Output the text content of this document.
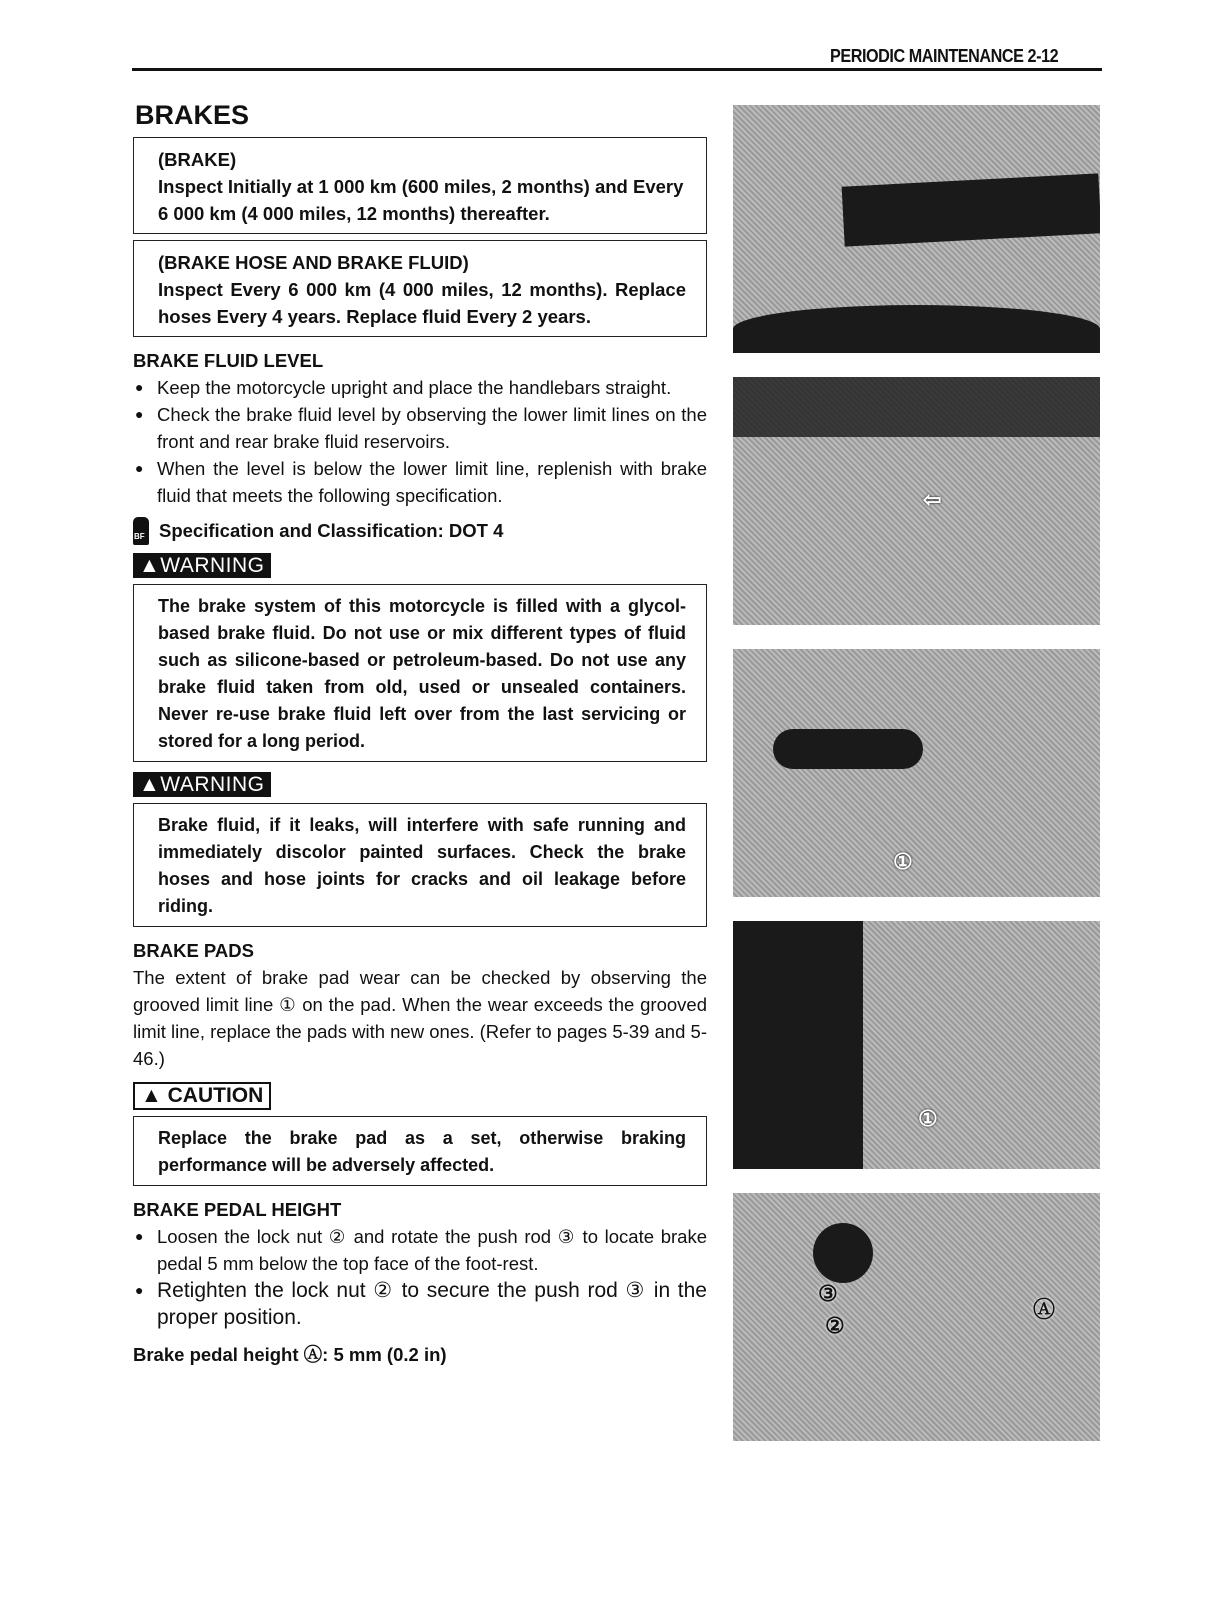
PERIODIC MAINTENANCE 2-12
BRAKES
(BRAKE)
Inspect Initially at 1 000 km (600 miles, 2 months) and Every 6 000 km (4 000 miles, 12 months) thereafter.
(BRAKE HOSE AND BRAKE FLUID)
Inspect Every 6 000 km (4 000 miles, 12 months). Replace hoses Every 4 years. Replace fluid Every 2 years.
BRAKE FLUID LEVEL
● Keep the motorcycle upright and place the handlebars straight.
● Check the brake fluid level by observing the lower limit lines on the front and rear brake fluid reservoirs.
● When the level is below the lower limit line, replenish with brake fluid that meets the following specification.
BF Specification and Classification: DOT 4
▲WARNING
The brake system of this motorcycle is filled with a glycol-based brake fluid. Do not use or mix different types of fluid such as silicone-based or petroleum-based. Do not use any brake fluid taken from old, used or unsealed containers. Never re-use brake fluid left over from the last servicing or stored for a long period.
▲WARNING
Brake fluid, if it leaks, will interfere with safe running and immediately discolor painted surfaces. Check the brake hoses and hose joints for cracks and oil leakage before riding.
BRAKE PADS

The extent of brake pad wear can be checked by observing the grooved limit line ① on the pad. When the wear exceeds the grooved limit line, replace the pads with new ones. (Refer to pages 5-39 and 5-46.)

▲ CAUTION
Replace the brake pad as a set, otherwise braking performance will be adversely affected.
BRAKE PEDAL HEIGHT
● Loosen the lock nut ② and rotate the push rod ③ to locate brake pedal 5 mm below the top face of the foot-rest.
● Retighten the lock nut ② to secure the push rod ③ in the proper position.
Brake pedal height Ⓐ: 5 mm (0.2 in)
⇦
①
①
③
②
Ⓐ
